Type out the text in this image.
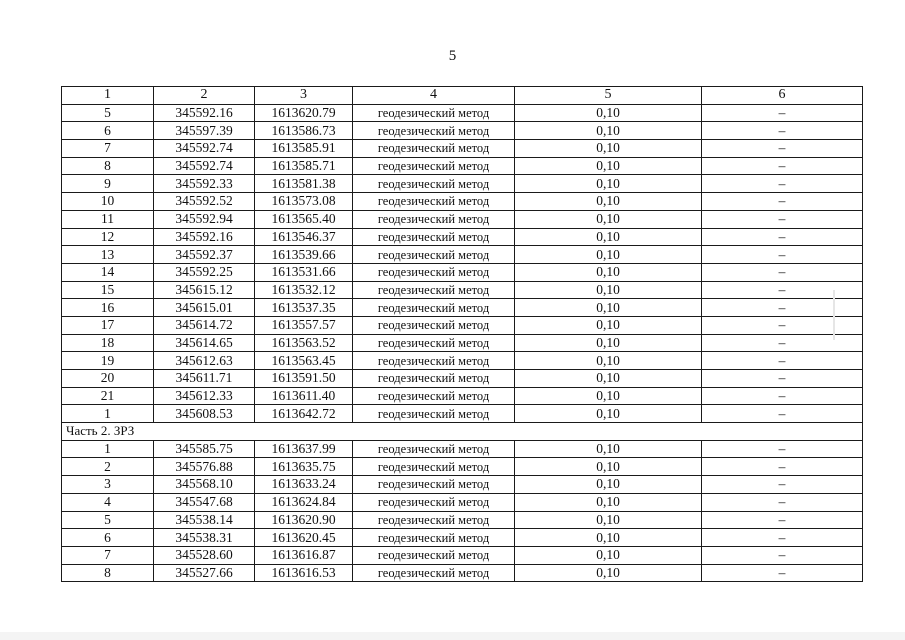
5
1	2	3	4	5	6
5	345592.16	1613620.79	геодезический метод	0,10	–
6	345597.39	1613586.73	геодезический метод	0,10	–
7	345592.74	1613585.91	геодезический метод	0,10	–
8	345592.74	1613585.71	геодезический метод	0,10	–
9	345592.33	1613581.38	геодезический метод	0,10	–
10	345592.52	1613573.08	геодезический метод	0,10	–
11	345592.94	1613565.40	геодезический метод	0,10	–
12	345592.16	1613546.37	геодезический метод	0,10	–
13	345592.37	1613539.66	геодезический метод	0,10	–
14	345592.25	1613531.66	геодезический метод	0,10	–
15	345615.12	1613532.12	геодезический метод	0,10	–
16	345615.01	1613537.35	геодезический метод	0,10	–
17	345614.72	1613557.57	геодезический метод	0,10	–
18	345614.65	1613563.52	геодезический метод	0,10	–
19	345612.63	1613563.45	геодезический метод	0,10	–
20	345611.71	1613591.50	геодезический метод	0,10	–
21	345612.33	1613611.40	геодезический метод	0,10	–
1	345608.53	1613642.72	геодезический метод	0,10	–
Часть 2. ЗРЗ					
1	345585.75	1613637.99	геодезический метод	0,10	–
2	345576.88	1613635.75	геодезический метод	0,10	–
3	345568.10	1613633.24	геодезический метод	0,10	–
4	345547.68	1613624.84	геодезический метод	0,10	–
5	345538.14	1613620.90	геодезический метод	0,10	–
6	345538.31	1613620.45	геодезический метод	0,10	–
7	345528.60	1613616.87	геодезический метод	0,10	–
8	345527.66	1613616.53	геодезический метод	0,10	–
